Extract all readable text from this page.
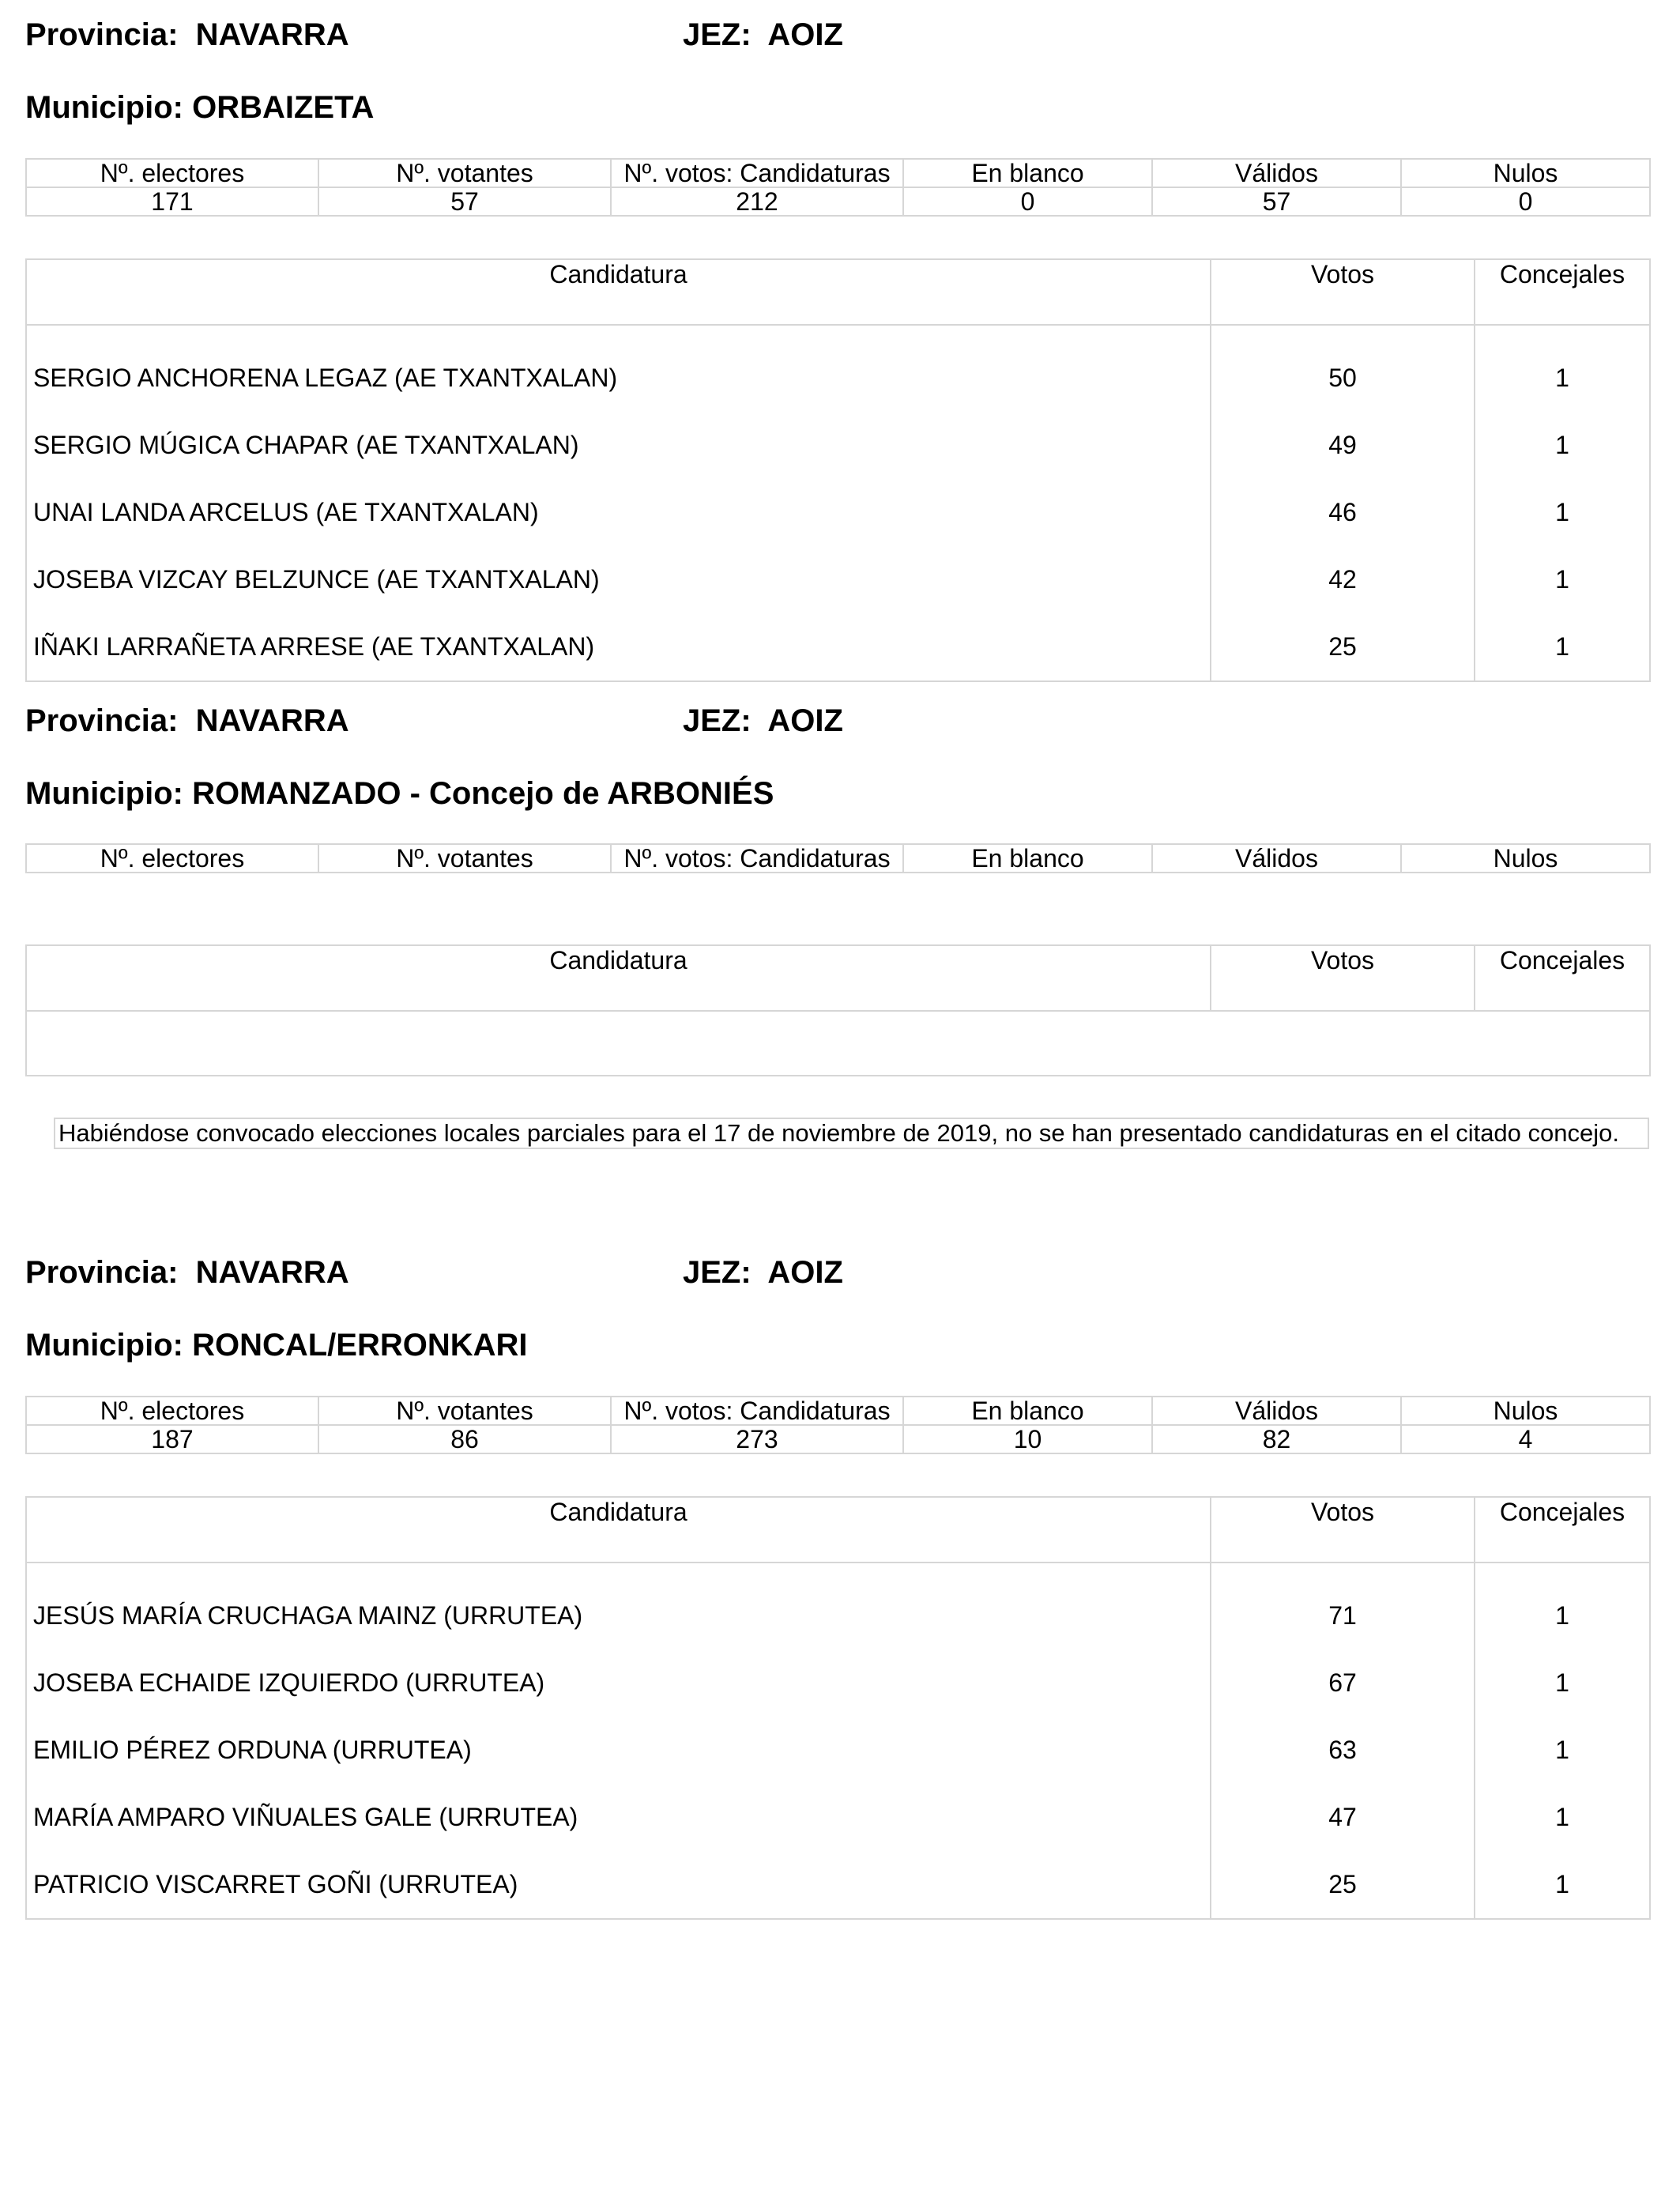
Provincia:  NAVARRA	JEZ:  AOIZ
Municipio: ORBAIZETA
Nº. electores	Nº. votantes	Nº. votos: Candidaturas	En blanco	Válidos	Nulos
171	57	212	0	57	0
Candidatura	Votos	Concejales
SERGIO ANCHORENA LEGAZ (AE TXANTXALAN)	50	1
SERGIO MÚGICA CHAPAR (AE TXANTXALAN)	49	1
UNAI LANDA ARCELUS (AE TXANTXALAN)	46	1
JOSEBA VIZCAY BELZUNCE (AE TXANTXALAN)	42	1
IÑAKI LARRAÑETA ARRESE (AE TXANTXALAN)	25	1
Provincia:  NAVARRA	JEZ:  AOIZ
Municipio: ROMANZADO - Concejo de ARBONIÉS
Nº. electores	Nº. votantes	Nº. votos: Candidaturas	En blanco	Válidos	Nulos
Candidatura	Votos	Concejales

Habiéndose convocado elecciones locales parciales para el 17 de noviembre de 2019, no se han presentado candidaturas en el citado concejo.
Provincia:  NAVARRA	JEZ:  AOIZ
Municipio: RONCAL/ERRONKARI
Nº. electores	Nº. votantes	Nº. votos: Candidaturas	En blanco	Válidos	Nulos
187	86	273	10	82	4
Candidatura	Votos	Concejales
JESÚS MARÍA CRUCHAGA MAINZ (URRUTEA)	71	1
JOSEBA ECHAIDE IZQUIERDO (URRUTEA)	67	1
EMILIO PÉREZ ORDUNA (URRUTEA)	63	1
MARÍA AMPARO VIÑUALES GALE (URRUTEA)	47	1
PATRICIO VISCARRET GOÑI (URRUTEA)	25	1
